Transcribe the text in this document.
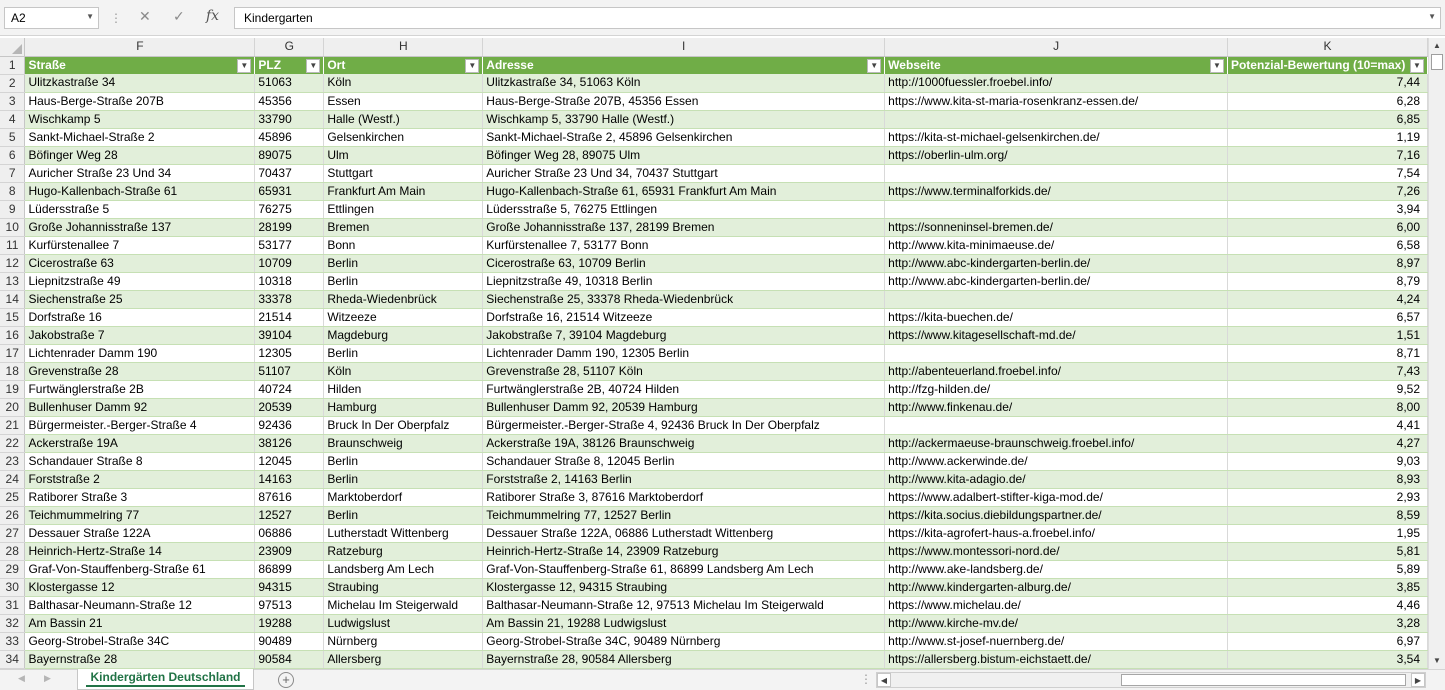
A2	▼ ⋮ ✕ ✓ fx	Kindergarten	▼
	F	G	H	I	J	K
1	Straße ▼	PLZ ▼	Ort ▼	Adresse ▼	Webseite ▼	Potenzial-Bewertung (10=max) ▼

2	Ulitzkastraße 34	51063	Köln	Ulitzkastraße 34, 51063 Köln	http://1000fuessler.froebel.info/	7,44
3	Haus-Berge-Straße 207B	45356	Essen	Haus-Berge-Straße 207B, 45356 Essen	https://www.kita-st-maria-rosenkranz-essen.de/	6,28
4	Wischkamp 5	33790	Halle (Westf.)	Wischkamp 5, 33790 Halle (Westf.)		6,85
5	Sankt-Michael-Straße 2	45896	Gelsenkirchen	Sankt-Michael-Straße 2, 45896 Gelsenkirchen	https://kita-st-michael-gelsenkirchen.de/	1,19
6	Böfinger Weg 28	89075	Ulm	Böfinger Weg 28, 89075 Ulm	https://oberlin-ulm.org/	7,16
7	Auricher Straße 23 Und 34	70437	Stuttgart	Auricher Straße 23 Und 34, 70437 Stuttgart		7,54
8	Hugo-Kallenbach-Straße 61	65931	Frankfurt Am Main	Hugo-Kallenbach-Straße 61, 65931 Frankfurt Am Main	https://www.terminalforkids.de/	7,26
9	Lüdersstraße 5	76275	Ettlingen	Lüdersstraße 5, 76275 Ettlingen		3,94
10	Große Johannisstraße 137	28199	Bremen	Große Johannisstraße 137, 28199 Bremen	https://sonneninsel-bremen.de/	6,00
11	Kurfürstenallee 7	53177	Bonn	Kurfürstenallee 7, 53177 Bonn	http://www.kita-minimaeuse.de/	6,58
12	Cicerostraße 63	10709	Berlin	Cicerostraße 63, 10709 Berlin	http://www.abc-kindergarten-berlin.de/	8,97
13	Liepnitzstraße 49	10318	Berlin	Liepnitzstraße 49, 10318 Berlin	http://www.abc-kindergarten-berlin.de/	8,79
14	Siechenstraße 25	33378	Rheda-Wiedenbrück	Siechenstraße 25, 33378 Rheda-Wiedenbrück		4,24
15	Dorfstraße 16	21514	Witzeeze	Dorfstraße 16, 21514 Witzeeze	https://kita-buechen.de/	6,57
16	Jakobstraße 7	39104	Magdeburg	Jakobstraße 7, 39104 Magdeburg	https://www.kitagesellschaft-md.de/	1,51
17	Lichtenrader Damm 190	12305	Berlin	Lichtenrader Damm 190, 12305 Berlin		8,71
18	Grevenstraße 28	51107	Köln	Grevenstraße 28, 51107 Köln	http://abenteuerland.froebel.info/	7,43
19	Furtwänglerstraße 2B	40724	Hilden	Furtwänglerstraße 2B, 40724 Hilden	http://fzg-hilden.de/	9,52
20	Bullenhuser Damm 92	20539	Hamburg	Bullenhuser Damm 92, 20539 Hamburg	http://www.finkenau.de/	8,00
21	Bürgermeister.-Berger-Straße 4	92436	Bruck In Der Oberpfalz	Bürgermeister.-Berger-Straße 4, 92436 Bruck In Der Oberpfalz		4,41
22	Ackerstraße 19A	38126	Braunschweig	Ackerstraße 19A, 38126 Braunschweig	http://ackermaeuse-braunschweig.froebel.info/	4,27
23	Schandauer Straße 8	12045	Berlin	Schandauer Straße 8, 12045 Berlin	http://www.ackerwinde.de/	9,03
24	Forststraße 2	14163	Berlin	Forststraße 2, 14163 Berlin	http://www.kita-adagio.de/	8,93
25	Ratiborer Straße 3	87616	Marktoberdorf	Ratiborer Straße 3, 87616 Marktoberdorf	https://www.adalbert-stifter-kiga-mod.de/	2,93
26	Teichmummelring 77	12527	Berlin	Teichmummelring 77, 12527 Berlin	https://kita.socius.diebildungspartner.de/	8,59
27	Dessauer Straße 122A	06886	Lutherstadt Wittenberg	Dessauer Straße 122A, 06886 Lutherstadt Wittenberg	https://kita-agrofert-haus-a.froebel.info/	1,95
28	Heinrich-Hertz-Straße 14	23909	Ratzeburg	Heinrich-Hertz-Straße 14, 23909 Ratzeburg	https://www.montessori-nord.de/	5,81
29	Graf-Von-Stauffenberg-Straße 61	86899	Landsberg Am Lech	Graf-Von-Stauffenberg-Straße 61, 86899 Landsberg Am Lech	http://www.ake-landsberg.de/	5,89
30	Klostergasse 12	94315	Straubing	Klostergasse 12, 94315 Straubing	http://www.kindergarten-alburg.de/	3,85
31	Balthasar-Neumann-Straße 12	97513	Michelau Im Steigerwald	Balthasar-Neumann-Straße 12, 97513 Michelau Im Steigerwald	https://www.michelau.de/	4,46
32	Am Bassin 21	19288	Ludwigslust	Am Bassin 21, 19288 Ludwigslust	http://www.kirche-mv.de/	3,28
33	Georg-Strobel-Straße 34C	90489	Nürnberg	Georg-Strobel-Straße 34C, 90489 Nürnberg	http://www.st-josef-nuernberg.de/	6,97
34	Bayernstraße 28	90584	Allersberg	Bayernstraße 28, 90584 Allersberg	https://allersberg.bistum-eichstaett.de/	3,54
▲
▼
◀ ▶	Kindergärten Deutschland	+	⋮	◀	▶
